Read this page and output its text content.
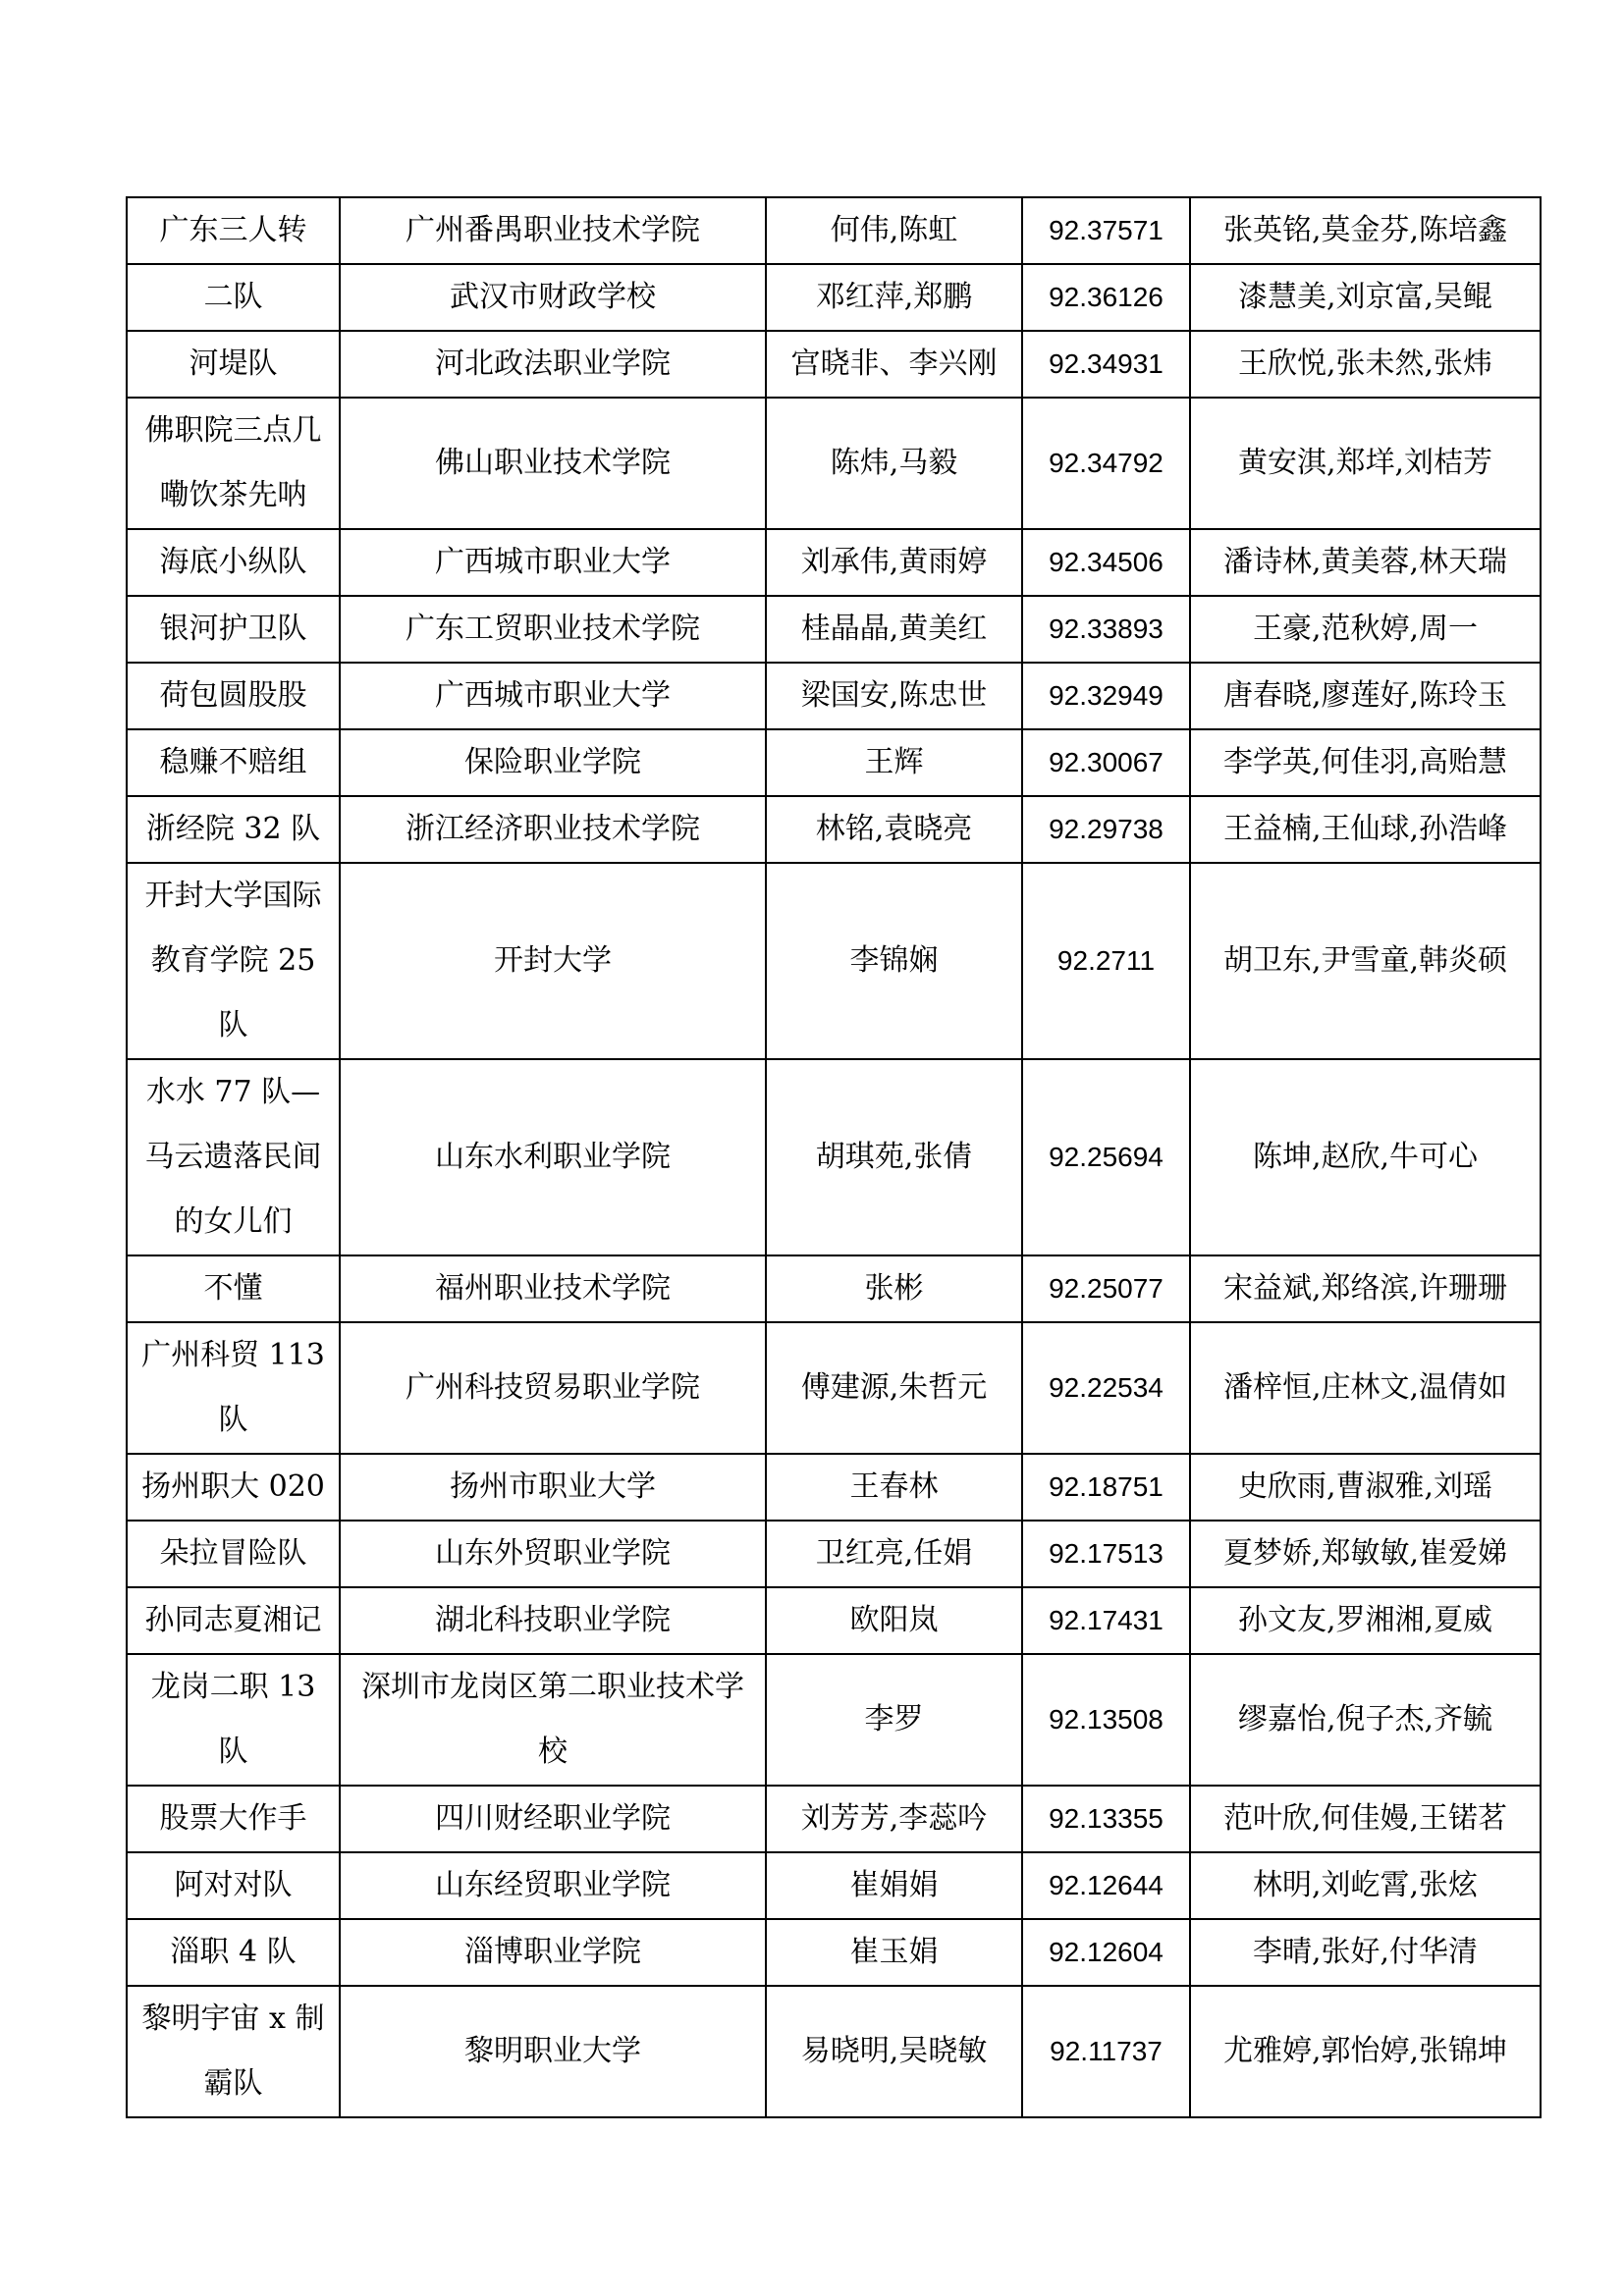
广东三人转	广州番禺职业技术学院	何伟,陈虹	92.37571	张英铭,莫金芬,陈培鑫
二队	武汉市财政学校	邓红萍,郑鹏	92.36126	漆慧美,刘京富,吴鲲
河堤队	河北政法职业学院	宫晓非、李兴刚	92.34931	王欣悦,张未然,张炜
佛职院三点几嘞饮茶先呐	佛山职业技术学院	陈炜,马毅	92.34792	黄安淇,郑垟,刘桔芳
海底小纵队	广西城市职业大学	刘承伟,黄雨婷	92.34506	潘诗林,黄美蓉,林天瑞
银河护卫队	广东工贸职业技术学院	桂晶晶,黄美红	92.33893	王豪,范秋婷,周一
荷包圆股股	广西城市职业大学	梁国安,陈忠世	92.32949	唐春晓,廖莲好,陈玲玉
稳赚不赔组	保险职业学院	王辉	92.30067	李学英,何佳羽,高贻慧
浙经院 32 队	浙江经济职业技术学院	林铭,袁晓亮	92.29738	王益楠,王仙球,孙浩峰
开封大学国际教育学院 25 队	开封大学	李锦娴	92.2711	胡卫东,尹雪童,韩炎硕
水水 77 队—马云遗落民间的女儿们	山东水利职业学院	胡琪苑,张倩	92.25694	陈坤,赵欣,牛可心
不懂	福州职业技术学院	张彬	92.25077	宋益斌,郑络滨,许珊珊
广州科贸 113 队	广州科技贸易职业学院	傅建源,朱哲元	92.22534	潘梓恒,庄林文,温倩如
扬州职大 020	扬州市职业大学	王春林	92.18751	史欣雨,曹淑雅,刘瑶
朵拉冒险队	山东外贸职业学院	卫红亮,任娟	92.17513	夏梦娇,郑敏敏,崔爱娣
孙同志夏湘记	湖北科技职业学院	欧阳岚	92.17431	孙文友,罗湘湘,夏威
龙岗二职 13 队	深圳市龙岗区第二职业技术学校	李罗	92.13508	缪嘉怡,倪子杰,齐毓
股票大作手	四川财经职业学院	刘芳芳,李蕊吟	92.13355	范叶欣,何佳嫚,王锘茗
阿对对队	山东经贸职业学院	崔娟娟	92.12644	林明,刘屹霄,张炫
淄职 4 队	淄博职业学院	崔玉娟	92.12604	李晴,张好,付华清
黎明宇宙 x 制霸队	黎明职业大学	易晓明,吴晓敏	92.11737	尤雅婷,郭怡婷,张锦坤
